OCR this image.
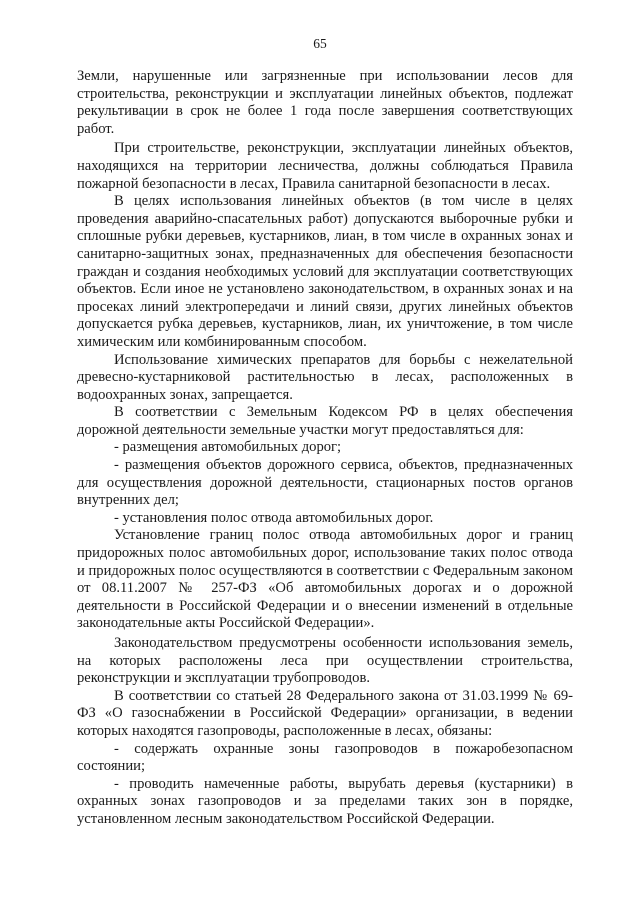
65

Земли, нарушенные или загрязненные при использовании лесов для строительства, реконструкции и эксплуатации линейных объектов, подлежат рекультивации в срок не более 1 года после завершения соответствующих работ.

При строительстве, реконструкции, эксплуатации линейных объектов, находящихся на территории лесничества, должны соблюдаться Правила пожарной безопасности в лесах, Правила санитарной безопасности в лесах.

В целях использования линейных объектов (в том числе в целях проведения аварийно-спасательных работ) допускаются выборочные рубки и сплошные рубки деревьев, кустарников, лиан, в том числе в охранных зонах и санитарно-защитных зонах, предназначенных для обеспечения безопасности граждан и создания необходимых условий для эксплуатации соответствующих объектов. Если иное не установлено законодательством, в охранных зонах и на просеках линий электропередачи и линий связи, других линейных объектов допускается рубка деревьев, кустарников, лиан, их уничтожение, в том числе химическим или комбинированным способом.

Использование химических препаратов для борьбы с нежелательной древесно-кустарниковой растительностью в лесах, расположенных в водоохранных зонах, запрещается.

В соответствии с Земельным Кодексом РФ в целях обеспечения дорожной деятельности земельные участки могут предоставляться для:

- размещения автомобильных дорог;

- размещения объектов дорожного сервиса, объектов, предназначенных для осуществления дорожной деятельности, стационарных постов органов внутренних дел;

- установления полос отвода автомобильных дорог.

Установление границ полос отвода автомобильных дорог и границ придорожных полос автомобильных дорог, использование таких полос отвода и придорожных полос осуществляются в соответствии с Федеральным законом от 08.11.2007 № 257-ФЗ «Об автомобильных дорогах и о дорожной деятельности в Российской Федерации и о внесении изменений в отдельные законодательные акты Российской Федерации».

Законодательством предусмотрены особенности использования земель, на которых расположены леса при осуществлении строительства, реконструкции и эксплуатации трубопроводов.

В соответствии со статьей 28 Федерального закона от 31.03.1999 № 69-ФЗ «О газоснабжении в Российской Федерации» организации, в ведении которых находятся газопроводы, расположенные в лесах, обязаны:

- содержать охранные зоны газопроводов в пожаробезопасном состоянии;

- проводить намеченные работы, вырубать деревья (кустарники) в охранных зонах газопроводов и за пределами таких зон в порядке, установленном лесным законодательством Российской Федерации.
